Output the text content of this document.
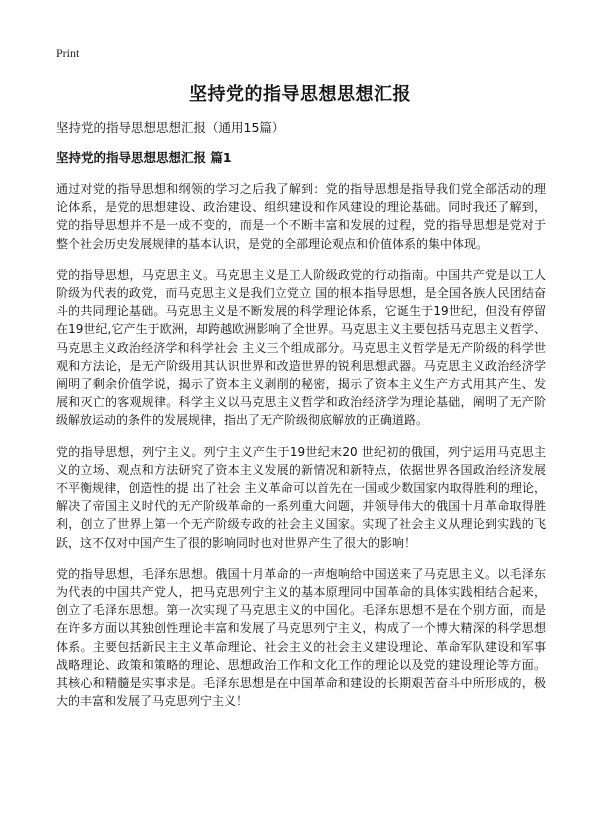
Print
坚持党的指导思想思想汇报
坚持党的指导思想思想汇报（通用15篇）
坚持党的指导思想思想汇报 篇1

通过对党的指导思想和纲领的学习之后我了解到：党的指导思想是指导我们党全部活动的理论体系，是党的思想建设、政治建设、组织建设和作风建设的理论基础。同时我还了解到，党的指导思想并不是一成不变的，而是一个不断丰富和发展的过程，党的指导思想是党对于整个社会历史发展规律的基本认识，是党的全部理论观点和价值体系的集中体现。

党的指导思想，马克思主义。马克思主义是工人阶级政党的行动指南。中国共产党是以工人阶级为代表的政党，而马克思主义是我们立党立 国的根本指导思想，是全国各族人民团结奋斗的共同理论基础。马克思主义是不断发展的科学理论体系，它诞生于19世纪，但没有停留在19世纪,它产生于欧洲，却跨越欧洲影响了全世界。马克思主义主要包括马克思主义哲学、马克思主义政治经济学和科学社会 主义三个组成部分。马克思主义哲学是无产阶级的科学世观和方法论，是无产阶级用其认识世界和改造世界的锐利思想武器。马克思主义政治经济学阐明了剩余价值学说，揭示了资本主义剥削的秘密，揭示了资本主义生产方式用其产生、发展和灭亡的客观规律。科学主义以马克思主义哲学和政治经济学为理论基础，阐明了无产阶级解放运动的条件的发展规律，指出了无产阶级彻底解放的正确道路。

党的指导思想，列宁主义。列宁主义产生于19世纪末20 世纪初的俄国，列宁运用马克思主义的立场、观点和方法研究了资本主义发展的新情况和新特点，依据世界各国政治经济发展不平衡规律，创造性的提 出了社会 主义革命可以首先在一国或少数国家内取得胜利的理论，解决了帝国主义时代的无产阶级革命的一系列重大问题，并领导伟大的俄国十月革命取得胜利，创立了世界上第一个无产阶级专政的社会主义国家。实现了社会主义从理论到实践的飞跃，这不仅对中国产生了很的影响同时也对世界产生了很大的影响！

党的指导思想，毛泽东思想。俄国十月革命的一声炮响给中国送来了马克思主义。以毛泽东为代表的中国共产党人，把马克思列宁主义的基本原理同中国革命的具体实践相结合起来，创立了毛泽东思想。第一次实现了马克思主义的中国化。毛泽东思想不是在个别方面，而是在许多方面以其独创性理论丰富和发展了马克思列宁主义，构成了一个博大精深的科学思想体系。主要包括新民主主义革命理论、社会主义的社会主义建设理论、革命军队建设和军事战略理论、政策和策略的理论、思想政治工作和文化工作的理论以及党的建设理论等方面。其核心和精髓是实事求是。毛泽东思想是在中国革命和建设的长期艰苦奋斗中所形成的，极大的丰富和发展了马克思列宁主义！
